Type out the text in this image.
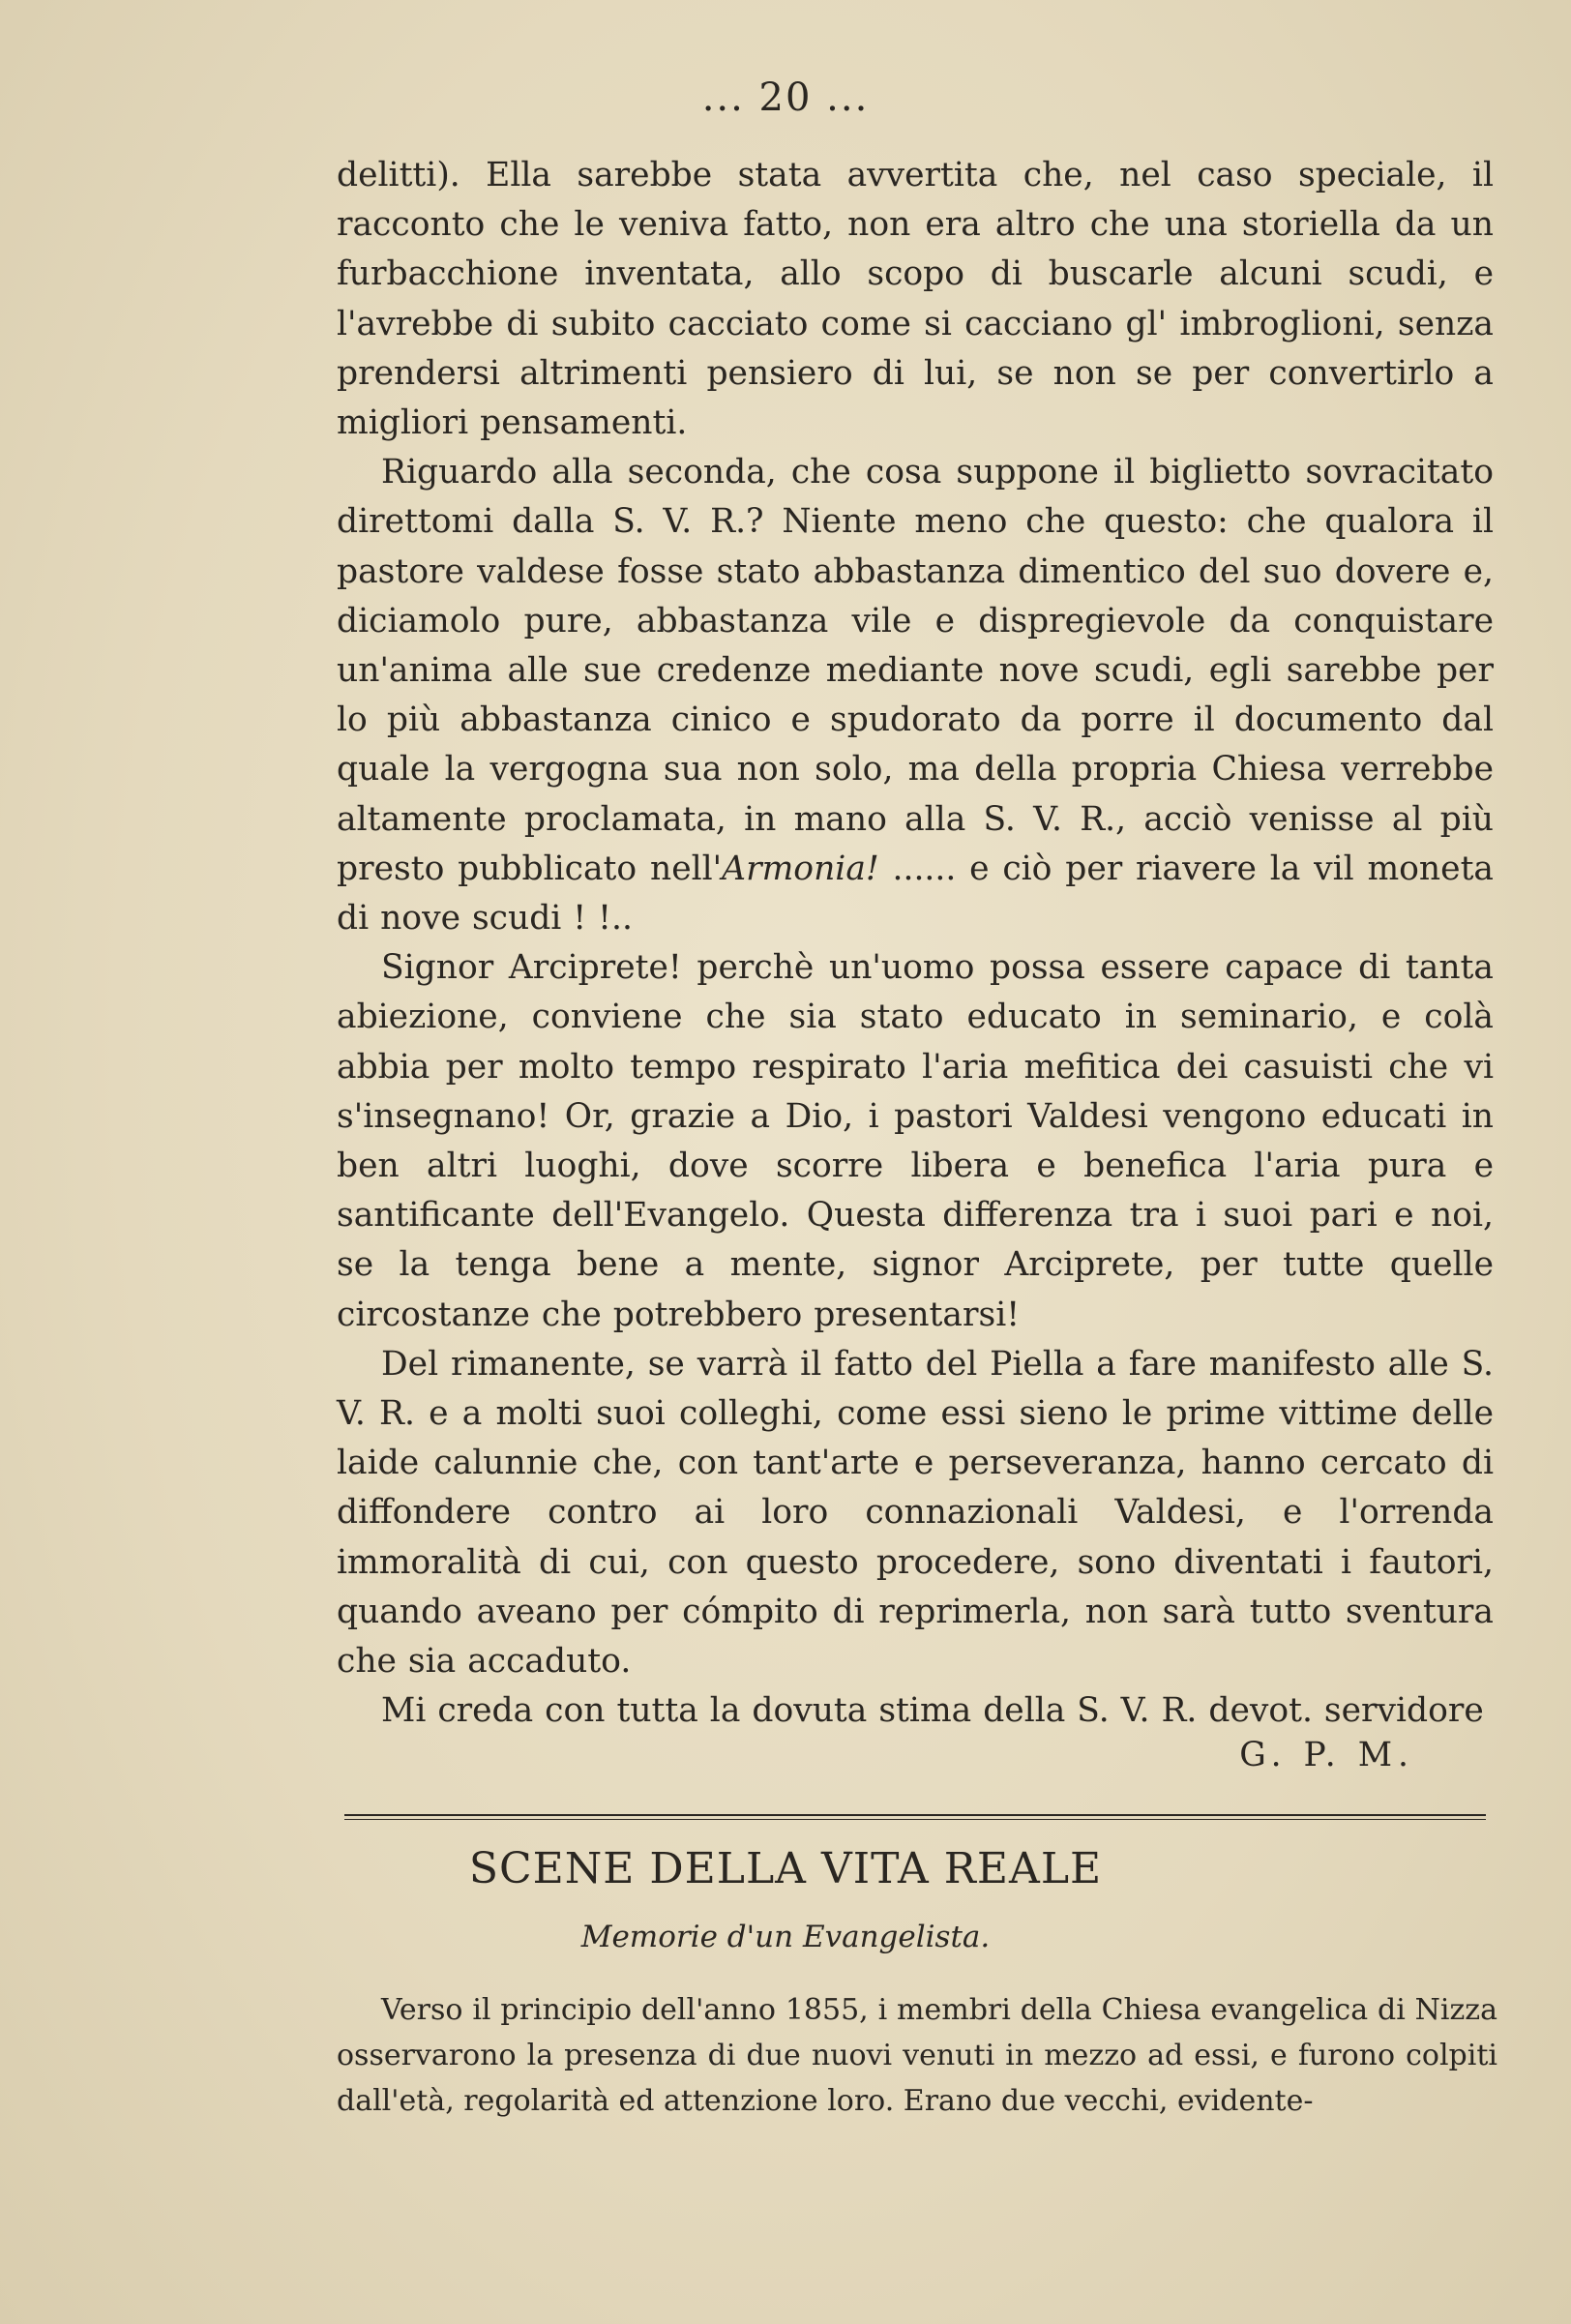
... 20 ...

delitti). Ella sarebbe stata avvertita che, nel caso speciale, il racconto che le veniva fatto, non era altro che una storiella da un furbacchione inventata, allo scopo di buscarle alcuni scudi, e l'avrebbe di subito cacciato come si cacciano gl' imbroglioni, senza prendersi altrimenti pensiero di lui, se non se per convertirlo a migliori pensamenti.

Riguardo alla seconda, che cosa suppone il biglietto sovracitato direttomi dalla S. V. R.? Niente meno che questo: che qualora il pastore valdese fosse stato abbastanza dimentico del suo dovere e, diciamolo pure, abbastanza vile e dispregievole da conquistare un'anima alle sue credenze mediante nove scudi, egli sarebbe per lo più abbastanza cinico e spudorato da porre il documento dal quale la vergogna sua non solo, ma della propria Chiesa verrebbe altamente proclamata, in mano alla S. V. R., acciò venisse al più presto pubblicato nell'Armonia! ...... e ciò per riavere la vil moneta di nove scudi ! !..

Signor Arciprete! perchè un'uomo possa essere capace di tanta abiezione, conviene che sia stato educato in seminario, e colà abbia per molto tempo respirato l'aria mefitica dei casuisti che vi s'insegnano! Or, grazie a Dio, i pastori Valdesi vengono educati in ben altri luoghi, dove scorre libera e benefica l'aria pura e santificante dell'Evangelo. Questa differenza tra i suoi pari e noi, se la tenga bene a mente, signor Arciprete, per tutte quelle circostanze che potrebbero presentarsi!

Del rimanente, se varrà il fatto del Piella a fare manifesto alle S. V. R. e a molti suoi colleghi, come essi sieno le prime vittime delle laide calunnie che, con tant'arte e perseveranza, hanno cercato di diffondere contro ai loro connazionali Valdesi, e l'orrenda immoralità di cui, con questo procedere, sono diventati i fautori, quando aveano per cómpito di reprimerla, non sarà tutto sventura che sia accaduto.

Mi creda con tutta la dovuta stima della S. V. R. devot. servidore

G. P. M.
SCENE DELLA VITA REALE
Memorie d'un Evangelista.

Verso il principio dell'anno 1855, i membri della Chiesa evangelica di Nizza osservarono la presenza di due nuovi venuti in mezzo ad essi, e furono colpiti dall'età, regolarità ed attenzione loro. Erano due vecchi, evidente-
